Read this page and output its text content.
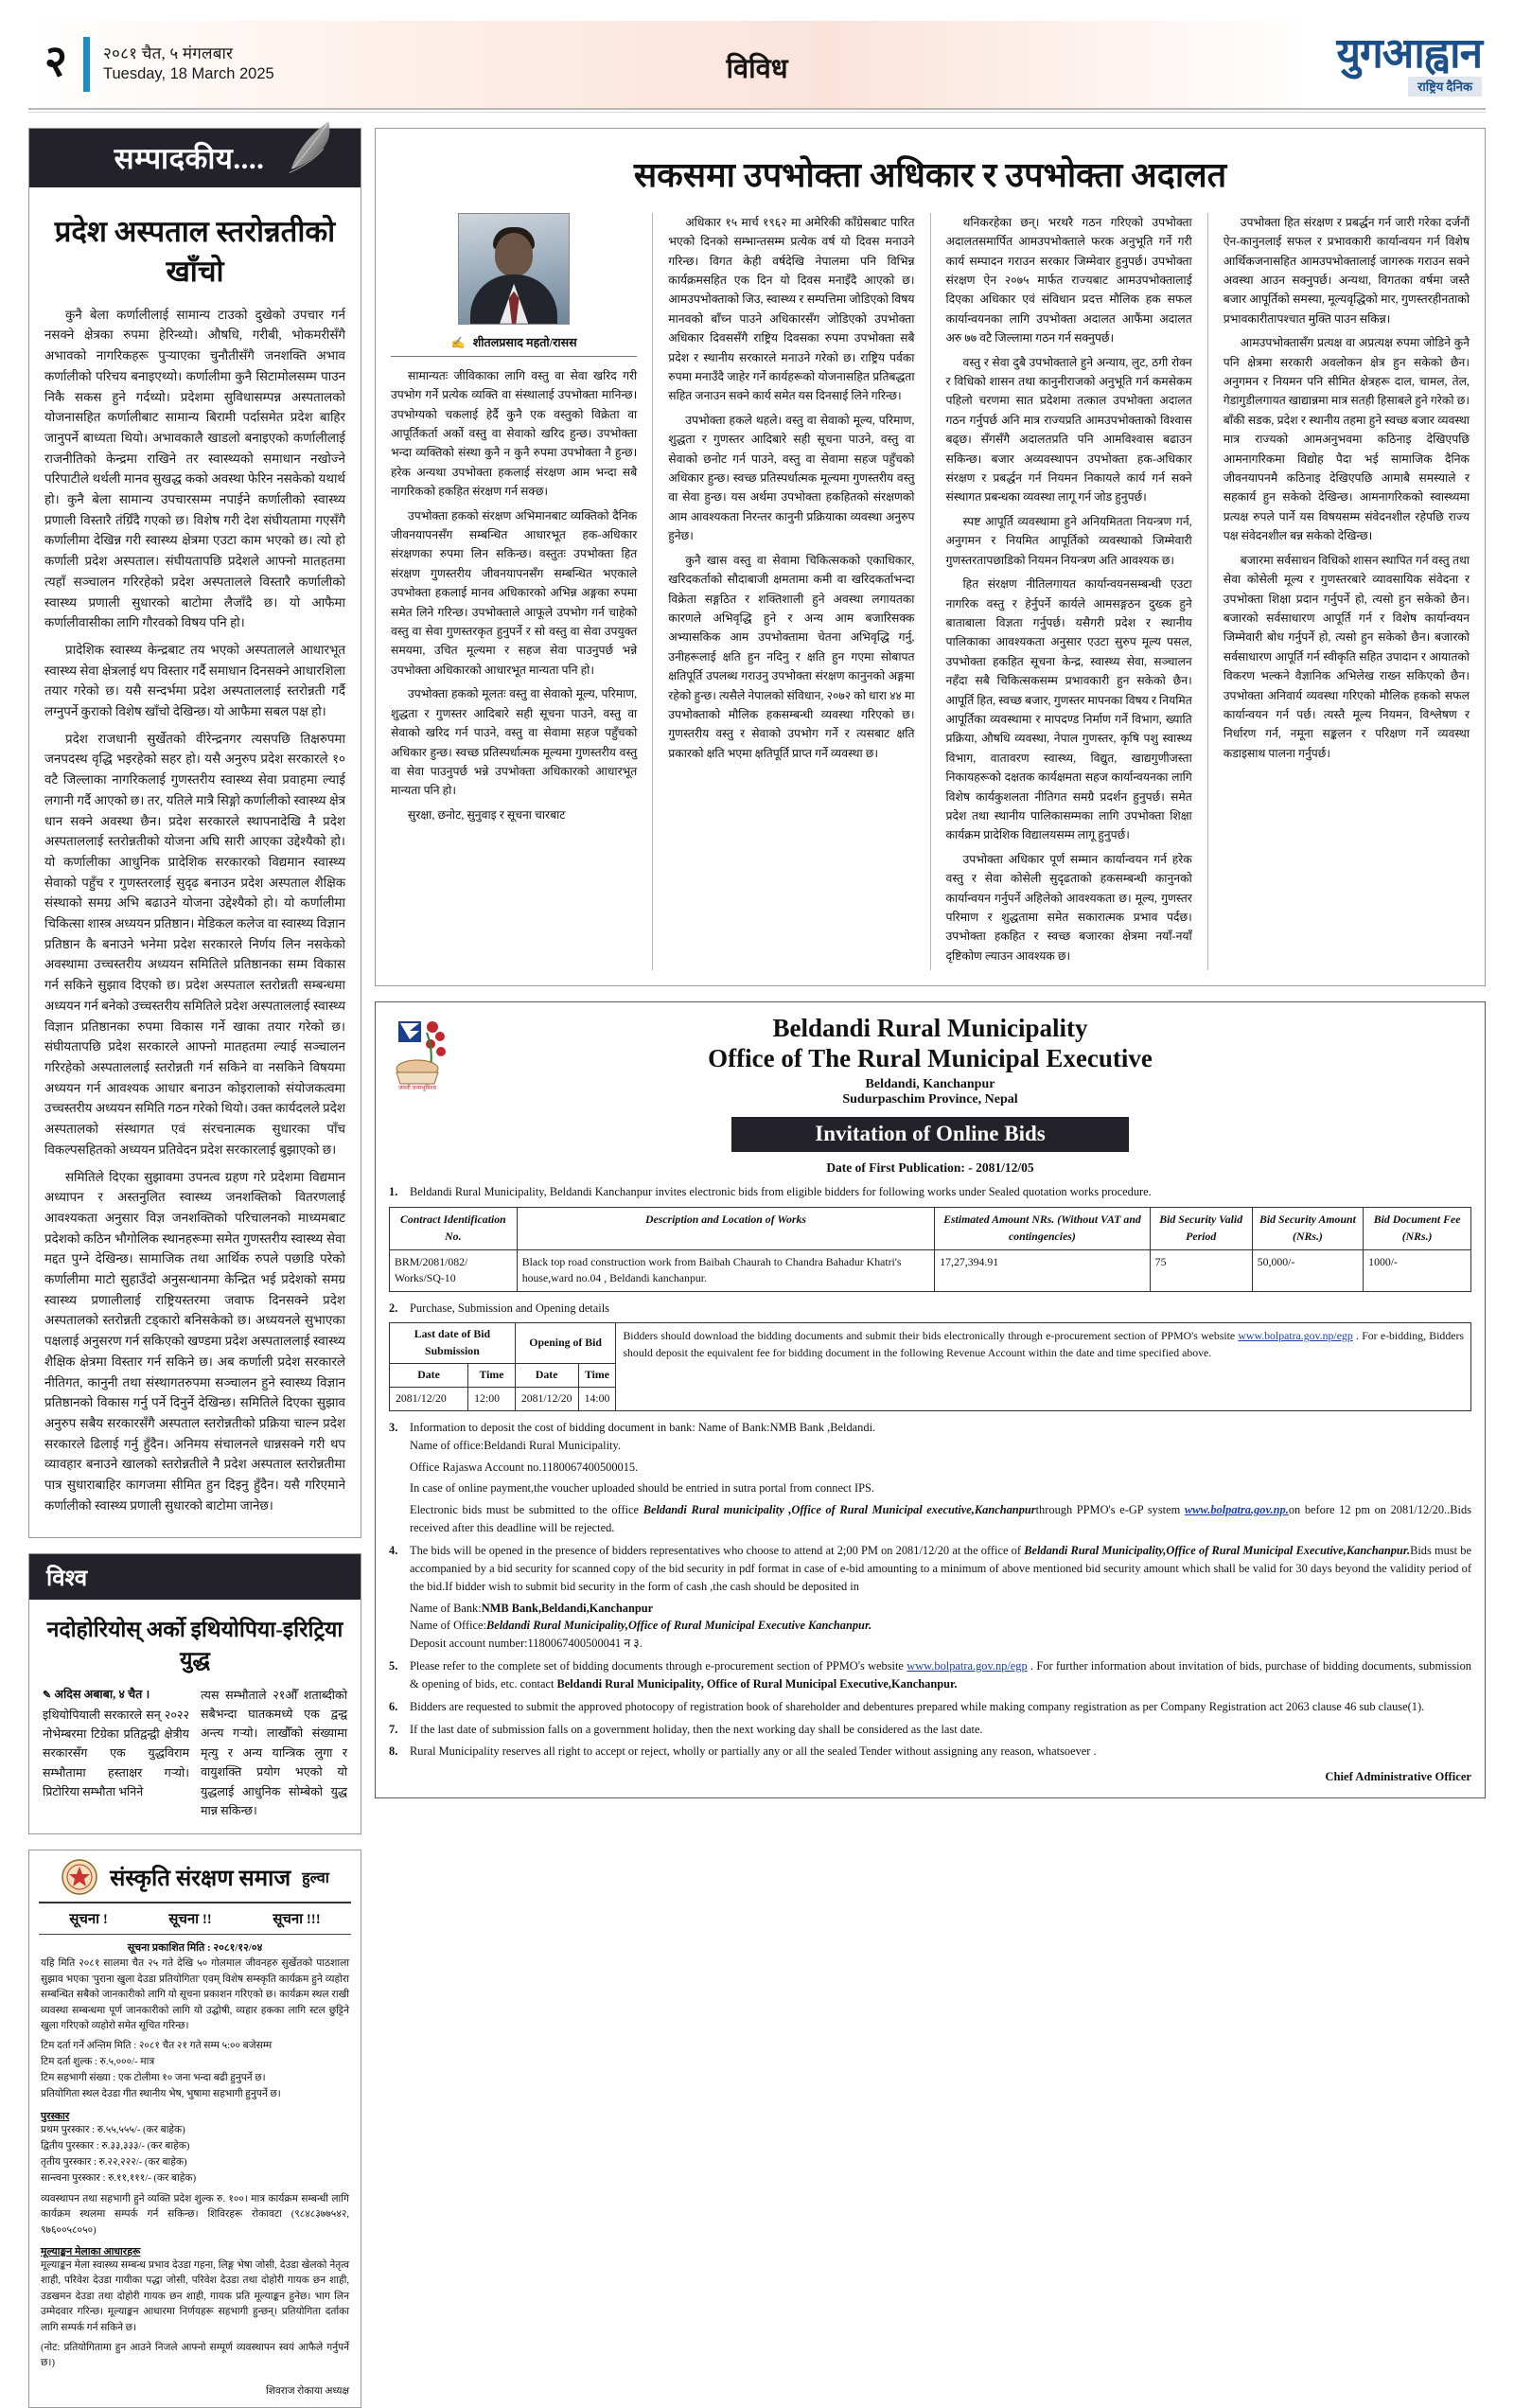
२	२०८१ चैत, ५ मंगलबार
Tuesday, 18 March 2025	विविध	युगआह्वान
राष्ट्रिय दैनिक
सम्पादकीय....
प्रदेश अस्पताल स्तरोन्नतीको खाँचो

कुनै बेला कर्णालीलाई सामान्य टाउको दुखेको उपचार गर्न नसक्ने क्षेत्रका रुपमा हेरिन्थ्यो। औषधि, गरीबी, भोकमरीसँगै अभावको नागरिकहरू पुर्‍याएका चुनौतीसँगै जनशक्ति अभाव कर्णालीको परिचय बनाइएथ्यो। कर्णालीमा कुनै सिटामोलसम्म पाउन निकै सकस हुने गर्दथ्यो। प्रदेशमा सुविधासम्पन्न अस्पतालको योजनासहित कर्णालीबाट सामान्य बिरामी पर्दासमेत प्रदेश बाहिर जानुपर्ने बाध्यता थियो। अभावकालै खाडलो बनाइएको कर्णालीलाई राजनीतिको केन्द्रमा राखिने तर स्वास्थ्यको समाधान नखोज्ने परिपाटीले थर्थली मानव सुखद्ध कको अवस्था फेरिन नसकेको यथार्थ हो। कुनै बेला सामान्य उपचारसम्म नपाईने कर्णालीको स्वास्थ्य प्रणाली विस्तारै तंग्रिँदै गएको छ। विशेष गरी देश संघीयतामा गएसँगै कर्णालीमा देखिन्न गरी स्वास्थ्य क्षेत्रमा एउटा काम भएको छ। त्यो हो कर्णाली प्रदेश अस्पताल। संघीयतापछि प्रदेशले आफ्नो मातहतमा त्यहाँ सञ्चालन गरिरहेको प्रदेश अस्पतालले विस्तारै कर्णालीको स्वास्थ्य प्रणाली सुधारको बाटोमा लैजाँदै छ। यो आफैमा कर्णालीवासीका लागि गौरवको विषय पनि हो।

प्रादेशिक स्वास्थ्य केन्द्रबाट तय भएको अस्पतालले आधारभूत स्वास्थ्य सेवा क्षेत्रलाई थप विस्तार गर्दै समाधान दिनसक्ने आधारशिला तयार गरेको छ। यसै सन्दर्भमा प्रदेश अस्पताललाई स्तरोन्नती गर्दै लग्नुपर्ने कुराको विशेष खाँचो देखिन्छ। यो आफैमा सबल पक्ष हो।

प्रदेश राजधानी सुर्खेतको वीरेन्द्रनगर त्यसपछि तिक्षरुपमा जनपदस्थ वृद्धि भइरहेको सहर हो। यसै अनुरुप प्रदेश सरकारले १० वटै जिल्लाका नागरिकलाई गुणस्तरीय स्वास्थ्य सेवा प्रवाहमा ल्याई लगानी गर्दै आएको छ। तर, यतिले मात्रै सिङ्गो कर्णालीको स्वास्थ्य क्षेत्र धान सक्ने अवस्था छैन। प्रदेश सरकारले स्थापनादेखि नै प्रदेश अस्पताललाई स्तरोन्नतीको योजना अघि सारी आएका उद्देश्यैको हो। यो कर्णालीका आधुनिक प्रादेशिक सरकारको विद्यमान स्वास्थ्य सेवाको पहुँच र गुणस्तरलाई सुदृढ बनाउन प्रदेश अस्पताल शैक्षिक संस्थाको समग्र अभि बढाउने योजना उद्देश्यैको हो। यो कर्णालीमा चिकित्सा शास्त्र अध्ययन प्रतिष्ठान। मेडिकल कलेज वा स्वास्थ्य विज्ञान प्रतिष्ठान कै बनाउने भनेमा प्रदेश सरकारले निर्णय लिन नसकेको अवस्थामा उच्चस्तरीय अध्ययन समितिले प्रतिष्ठानका सम्म विकास गर्न सकिने सुझाव दिएको छ। प्रदेश अस्पताल स्तरोन्नती सम्बन्धमा अध्ययन गर्न बनेको उच्चस्तरीय समितिले प्रदेश अस्पताललाई स्वास्थ्य विज्ञान प्रतिष्ठानका रुपमा विकास गर्ने खाका तयार गरेको छ। संघीयतापछि प्रदेश सरकारले आफ्नो मातहतमा ल्याई सञ्चालन गरिरहेको अस्पताललाई स्तरोन्नती गर्न सकिने वा नसकिने विषयमा अध्ययन गर्न आवश्यक आधार बनाउन कोइरालाको संयोजकत्वमा उच्चस्तरीय अध्ययन समिति गठन गरेको थियो। उक्त कार्यदलले प्रदेश अस्पतालको संस्थागत एवं संरचनात्मक सुधारका पाँच विकल्पसहितको अध्ययन प्रतिवेदन प्रदेश सरकारलाई बुझाएको छ।

समितिले दिएका सुझावमा उपनत्व ग्रहण गरे प्रदेशमा विद्यमान अध्यापन र अस्तनुलित स्वास्थ्य जनशक्तिको वितरणलाई आवश्यकता अनुसार विज्ञ जनशक्तिको परिचालनको माध्यमबाट प्रदेशको कठिन भौगोलिक स्थानहरूमा समेत गुणस्तरीय स्वास्थ्य सेवा मद्दत पुग्ने देखिन्छ। सामाजिक तथा आर्थिक रुपले पछाडि परेको कर्णालीमा माटो सुहाउँदो अनुसन्धानमा केन्द्रित भई प्रदेशको समग्र स्वास्थ्य प्रणालीलाई राष्ट्रियस्तरमा जवाफ दिनसक्ने प्रदेश अस्पतालको स्तरोन्नती टड्कारो बनिसकेको छ। अध्ययनले सुभाएका पक्षलाई अनुसरण गर्न सकिएको खण्डमा प्रदेश अस्पताललाई स्वास्थ्य शैक्षिक क्षेत्रमा विस्तार गर्न सकिने छ। अब कर्णाली प्रदेश सरकारले नीतिगत, कानुनी तथा संस्थागतरुपमा सञ्चालन हुने स्वास्थ्य विज्ञान प्रतिष्ठानको विकास गर्नु पर्ने दिनुर्ने देखिन्छ। समितिले दिएका सुझाव अनुरुप सबैय सरकारसँगै अस्पताल स्तरोन्नतीको प्रक्रिया चाल्न प्रदेश सरकारले ढिलाई गर्नु हुँदैन। अनिमय संचालनले धान्नसक्ने गरी थप व्यावहार बनाउने खालको स्तरोन्नतीले नै प्रदेश अस्पताल स्तरोन्नतीमा पात्र सुधाराबाहिर कागजमा सीमित हुन दिइनु हुँदैन। यसै गरिएमाने कर्णालीको स्वास्थ्य प्रणाली सुधारको बाटोमा जानेछ।

विश्व
नदोहोरियोस् अर्को इथियोपिया-इरिट्रिया युद्ध
✎ अदिस अबाबा, ४ चैत ।

इथियोपियाली सरकारले सन् २०२२ नोभेम्बरमा टिग्रेका प्रतिद्वन्द्वी क्षेत्रीय सरकारसँग एक युद्धविराम सम्भौतामा हस्ताक्षर गऱ्यो। प्रिटोरिया सम्भौता भनिने

त्यस सम्भौताले २१औँ शताब्दीको सबैभन्दा घातकमध्ये एक द्वन्द्व अन्त्य गऱ्यो। लाखौँको संख्यामा मृत्यु र अन्य यान्त्रिक लुगा र वायुशक्ति प्रयोग भएको यो युद्धलाई आधुनिक सोम्बेको युद्ध मान्न सकिन्छ।

संस्कृति संरक्षण समाज हुल्वा
सूचना !	सूचना !!	सूचना !!!
सूचना प्रकाशित मिति : २०८१/१२/०४

यहि मिति २०८१ सालमा चैत २५ गते देखि ५० गोलमाल जीवनहरु सुर्खेतको पाठशाला सुझाव भएका 'पुराना खुला देउडा प्रतियोगिता' एवम् विशेष सम्स्कृति कार्यक्रम हुने व्यहोरा सम्बन्धित सबैको जानकारीको लागि यो सूचना प्रकाशन गरिएको छ। कार्यक्रम स्थल राखी व्यवस्था सम्बन्धमा पूर्ण जानकारीको लागि यो उद्घोषी, व्यहार हकका लागि स्टल छुट्टिने खुला गरिएको व्यहोरो समेत सूचित गरिन्छ।

टिम दर्ता गर्ने अन्तिम मिति : २०८१ चैत २१ गते सम्म ५:०० बजेसम्म
टिम दर्ता शुल्क : रु.५,०००/- मात्र
टिम सहभागी संख्या : एक टोलीमा १० जना भन्दा बढी हुनुपर्ने छ।
प्रतियोगिता स्थल देउडा गीत स्थानीय भेष, भुषामा सहभागी हुनुपर्ने छ।
पुरस्कार
प्रथम पुरस्कार : रु.५५,५५५/- (कर बाहेक)
द्वितीय पुरस्कार : रु.३३,३३३/- (कर बाहेक)
तृतीय पुरस्कार : रु.२२,२२२/- (कर बाहेक)
सान्त्वना पुरस्कार : रु.११,१११/- (कर बाहेक)

व्यवस्थापन तथा सहभागी हुने व्यक्ति प्रदेश शुल्क रु. १००। मात्र कार्यक्रम सम्बन्धी लागि कार्यक्रम स्थलमा सम्पर्क गर्न सकिन्छ। शिविरहरू रोकावटा (९८४८३७७५४२, ९७६००५८०५०)

मूल्याङ्कन मेलाका आधारहरू

मूल्याङ्कन मेला स्वास्थ्य सम्बन्ध प्रभाव देउडा गहना, लिङ्ग भेषा जोसी, देउडा खेलको नेतृत्व शाही, परिवेश देउडा गायीका पद्धा जोसी, परिवेश देउडा तथा दोहोरी गायक छन शाही, उडखमन देउडा तथा दोहोरी गायक छन शाही, गायक प्रति मूल्याङ्कन हुनेछ। भाग लिन उम्मेदवार गरिन्छ। मूल्याङ्कन आधारमा निर्णयहरू सहभागी हुन्छन्। प्रतियोगिता दर्ताका लागि सम्पर्क गर्न सकिने छ।

(नोट: प्रतियोगितामा हुन आउने निजले आफ्नो सम्पूर्ण व्यवस्थापन स्वयं आफैले गर्नुपर्ने छ।)

शिवराज रोकाया अध्यक्ष
सकसमा उपभोक्ता अधिकार र उपभोक्ता अदालत
✍ शीतलप्रसाद महतो/रासस

सामान्यतः जीविकाका लागि वस्तु वा सेवा खरिद गरी उपभोग गर्ने प्रत्येक व्यक्ति वा संस्थालाई उपभोक्ता मानिन्छ। उपभोग्यको चकलाई हेर्दै कुनै एक वस्तुको विक्रेता वा आपूर्तिकर्ता अर्को वस्तु वा सेवाको खरिद हुन्छ। उपभोक्ता भन्दा व्यक्तिको संस्था कुनै न कुनै रुपमा उपभोक्ता नै हुन्छ। हरेक अन्यथा उपभोक्ता हकलाई संरक्षण आम भन्दा सबै नागरिकको हकहित संरक्षण गर्न सक्छ।

उपभोक्ता हकको संरक्षण अभिमानबाट व्यक्तिको दैनिक जीवनयापनसँग सम्बन्धित आधारभूत हक-अधिकार संरक्षणका रुपमा लिन सकिन्छ। वस्तुतः उपभोक्ता हित संरक्षण गुणस्तरीय जीवनयापनसँग सम्बन्धित भएकाले उपभोक्ता हकलाई मानव अधिकारको अभिन्न अङ्गका रुपमा समेत लिने गरिन्छ। उपभोक्ताले आफूले उपभोग गर्न चाहेको वस्तु वा सेवा गुणस्तरकृत हुनुपर्ने र सो वस्तु वा सेवा उपयुक्त समयमा, उचित मूल्यमा र सहज सेवा पाउनुपर्छ भन्ने उपभोक्ता अधिकारको आधारभूत मान्यता पनि हो।

उपभोक्ता हकको मूलतः वस्तु वा सेवाको मूल्य, परिमाण, शुद्धता र गुणस्तर आदिबारे सही सूचना पाउने, वस्तु वा सेवाको खरिद गर्न पाउने, वस्तु वा सेवामा सहज पहुँचको अधिकार हुन्छ। स्वच्छ प्रतिस्पर्धात्मक मूल्यमा गुणस्तरीय वस्तु वा सेवा पाउनुपर्छ भन्ने उपभोक्ता अधिकारको आधारभूत मान्यता पनि हो।

सुरक्षा, छनोट, सुनुवाइ र सूचना चारबाट

अधिकार १५ मार्च १९६२ मा अमेरिकी काँग्रेसबाट पारित भएको दिनको सम्भान्तसम्म प्रत्येक वर्ष यो दिवस मनाउने गरिन्छ। विगत केही वर्षदेखि नेपालमा पनि विभिन्न कार्यक्रमसहित एक दिन यो दिवस मनाइँदै आएको छ। आमउपभोक्ताको जिउ, स्वास्थ्य र सम्पत्तिमा जोडिएको विषय मानवको बाँच्न पाउने अधिकारसँग जोडिएको उपभोक्ता अधिकार दिवससँगै राष्ट्रिय दिवसका रुपमा उपभोक्ता सबै प्रदेश र स्थानीय सरकारले मनाउने गरेको छ। राष्ट्रिय पर्वका रुपमा मनाउँदै जाहेर गर्ने कार्यहरूको योजनासहित प्रतिबद्धता सहित जनाउन सक्ने कार्य समेत यस दिनसाई लिने गरिन्छ।

उपभोक्ता हकले थहले। वस्तु वा सेवाको मूल्य, परिमाण, शुद्धता र गुणस्तर आदिबारे सही सूचना पाउने, वस्तु वा सेवाको छनोट गर्न पाउने, वस्तु वा सेवामा सहज पहुँचको अधिकार हुन्छ। स्वच्छ प्रतिस्पर्धात्मक मूल्यमा गुणस्तरीय वस्तु वा सेवा हुन्छ। यस अर्थमा उपभोक्ता हकहितको संरक्षणको आम आवश्यकता निरन्तर कानुनी प्रक्रियाका व्यवस्था अनुरुप हुनेछ।

कुनै खास वस्तु वा सेवामा चिकित्सकको एकाधिकार, खरिदकर्ताको सौदाबाजी क्षमतामा कमी वा खरिदकर्ताभन्दा विक्रेता सङ्गठित र शक्तिशाली हुने अवस्था लगायतका कारणले अभिवृद्धि हुने र अन्य आम बजारिसक्क अभ्यासकिक आम उपभोक्तामा चेतना अभिवृद्धि गर्नु, उनीहरूलाई क्षति हुन नदिनु र क्षति हुन गएमा सोबापत क्षतिपूर्ति उपलब्ध गराउनु उपभोक्ता संरक्षण कानुनको अङ्गमा रहेको हुन्छ। त्यसैले नेपालको संविधान, २०७२ को धारा ४४ मा उपभोक्ताको मौलिक हकसम्बन्धी व्यवस्था गरिएको छ। गुणस्तरीय वस्तु र सेवाको उपभोग गर्ने र त्यसबाट क्षति प्रकारको क्षति भएमा क्षतिपूर्ति प्राप्त गर्ने व्यवस्था छ।

थनिकरहेका छन्। भरथरै गठन गरिएको उपभोक्ता अदालतसमार्पित आमउपभोक्ताले फरक अनुभूति गर्ने गरी कार्य सम्पादन गराउन सरकार जिम्मेवार हुनुपर्छ। उपभोक्ता संरक्षण ऐन २०७५ मार्फत राज्यबाट आमउपभोक्तालाई दिएका अधिकार एवं संविधान प्रदत्त मौलिक हक सफल कार्यान्वयनका लागि उपभोक्ता अदालत आफैंमा अदालत अरु ७७ वटै जिल्लामा गठन गर्न सक्नुपर्छ।

वस्तु र सेवा दुबै उपभोक्ताले हुने अन्याय, लुट, ठगी रोक्न र विधिको शासन तथा कानुनीराजको अनुभूति गर्न कमसेकम पहिलो चरणमा सात प्रदेशमा तत्काल उपभोक्ता अदालत गठन गर्नुपर्छ अनि मात्र राज्यप्रति आमउपभोक्ताको विश्वास बढ्छ। सँगसँगै अदालतप्रति पनि आमविश्वास बढाउन सकिन्छ। बजार अव्यवस्थापन उपभोक्ता हक-अधिकार संरक्षण र प्रबर्द्धन गर्न नियमन निकायले कार्य गर्न सक्ने संस्थागत प्रबन्धका व्यवस्था लागू गर्न जोड हुनुपर्छ।

स्पष्ट आपूर्ति व्यवस्थामा हुने अनियमितता नियन्त्रण गर्न, अनुगमन र नियमित आपूर्तिको व्यवस्थाको जिम्मेवारी गुणस्तरतापछाडिको नियमन नियन्त्रण अति आवश्यक छ।

हित संरक्षण नीतिलगायत कार्यान्वयनसम्बन्धी एउटा नागरिक वस्तु र हेर्नुपर्ने कार्यले आमसङ्गठन दुख्क हुने बाताबाला विज्ञता गर्नुपर्छ। यसैगरी प्रदेश र स्थानीय पालिकाका आवश्यकता अनुसार एउटा सुरुप मूल्य पसल, उपभोक्ता हकहित सूचना केन्द्र, स्वास्थ्य सेवा, सञ्चालन नहँदा सबै चिकित्सकसम्म प्रभावकारी हुन सकेको छैन। आपूर्ति हित, स्वच्छ बजार, गुणस्तर मापनका विषय र नियमित आपूर्तिका व्यवस्थामा र मापदण्ड निर्माण गर्ने विभाग, ख्याति प्रक्रिया, औषधि व्यवस्था, नेपाल गुणस्तर, कृषि पशु स्वास्थ्य विभाग, वातावरण स्वास्थ्य, विद्युत, खाद्यगुणीजस्ता निकायहरूको दक्षतक कार्यक्षमता सहज कार्यान्वयनका लागि विशेष कार्यकुशलता नीतिगत समग्रै प्रदर्शन हुनुपर्छ। समेत प्रदेश तथा स्थानीय पालिकासम्मका लागि उपभोक्ता शिक्षा कार्यक्रम प्रादेशिक विद्यालयसम्म लागू हुनुपर्छ।

उपभोक्ता अधिकार पूर्ण सम्मान कार्यान्वयन गर्न हरेक वस्तु र सेवा कोसेली सुदृढताको हकसम्बन्धी कानुनको कार्यान्वयन गर्नुपर्ने अहिलेको आवश्यकता छ। मूल्य, गुणस्तर परिमाण र शुद्धतामा समेत सकारात्मक प्रभाव पर्दछ। उपभोक्ता हकहित र स्वच्छ बजारका क्षेत्रमा नयाँ-नयाँ दृष्टिकोण ल्याउन आवश्यक छ।

उपभोक्ता हित संरक्षण र प्रबर्द्धन गर्न जारी गरेका दर्जनौं ऐन-कानुनलाई सफल र प्रभावकारी कार्यान्वयन गर्न विशेष आर्थिकजनासहित आमउपभोक्तालाई जागरुक गराउन सक्ने अवस्था आउन सक्नुपर्छ। अन्यथा, विगतका वर्षमा जस्तै बजार आपूर्तिको समस्या, मूल्यवृद्धिको मार, गुणस्तरहीनताको प्रभावकारीतापश्चात मुक्ति पाउन सकिन्न।

आमउपभोक्तासँग प्रत्यक्ष वा अप्रत्यक्ष रुपमा जोडिने कुनै पनि क्षेत्रमा सरकारी अवलोकन क्षेत्र हुन सकेको छैन। अनुगमन र नियमन पनि सीमित क्षेत्रहरू दाल, चामल, तेल, गेडागुडीलगायत खाद्यान्नमा मात्र सतही हिसाबले हुने गरेको छ। बाँकी सडक, प्रदेश र स्थानीय तहमा हुने स्वच्छ बजार व्यवस्था मात्र राज्यको आमअनुभवमा कठिनाइ देखिएपछि आमनागरिकमा विद्योह पैदा भई सामाजिक दैनिक जीवनयापनमै कठिनाइ देखिएपछि आमाबै समस्याले र सहकार्य हुन सकेको देखिन्छ। आमनागरिकको स्वास्थ्यमा प्रत्यक्ष रुपले पार्ने यस विषयसम्म संवेदनशील रहेपछि राज्य पक्ष संवेदनशील बन्न सकेको देखिन्छ।

बजारमा सर्वसाधन विधिको शासन स्थापित गर्न वस्तु तथा सेवा कोसेली मूल्य र गुणस्तरबारे व्यावसायिक संवेदना र उपभोक्ता शिक्षा प्रदान गर्नुपर्ने हो, त्यसो हुन सकेको छैन। बजारको सर्वसाधारण आपूर्ति गर्न र विशेष कार्यान्वयन जिम्मेवारी बोध गर्नुपर्ने हो, त्यसो हुन सकेको छैन। बजारको सर्वसाधारण आपूर्ति गर्न स्वीकृति सहित उपादान र आयातको विकरण भल्कने वैज्ञानिक अभिलेख राख्न सकिएको छैन। उपभोक्ता अनिवार्य व्यवस्था गरिएको मौलिक हकको सफल कार्यान्वयन गर्न पर्छ। त्यस्तै मूल्य नियमन, विश्लेषण र निर्धारण गर्न, नमूना सङ्कलन र परिक्षण गर्ने व्यवस्था कडाइसाथ पालना गर्नुपर्छ।

जननी जन्मभूमिश्च
Beldandi Rural Municipality
Office of The Rural Municipal Executive
Beldandi, Kanchanpur
Sudurpaschim Province, Nepal
Invitation of Online Bids
Date of First Publication: - 2081/12/05
1.	Beldandi Rural Municipality, Beldandi Kanchanpur invites electronic bids from eligible bidders for following works under Sealed quotation works procedure.
Contract Identification No.	Description and Location of Works	Estimated Amount NRs. (Without VAT and contingencies)	Bid Security Valid Period	Bid Security Amount (NRs.)	Bid Document Fee (NRs.)
BRM/2081/082/ Works/SQ-10	Black top road construction work from Baibah Chaurah to Chandra Bahadur Khatri's house,ward no.04 , Beldandi kanchanpur.	17,27,394.91	75	50,000/-	1000/-
2.	Purchase, Submission and Opening details
Last date of Bid Submission		Opening of Bid		Bidders should download the bidding documents and submit their bids electronically through e-procurement section of PPMO's website www.bolpatra.gov.np/egp . For e-bidding, Bidders should deposit the equivalent fee for bidding document in the following Revenue Account within the date and time specified above.
Date	Time	Date	Time	
2081/12/20	12:00	2081/12/20	14:00	
3.	Information to deposit the cost of bidding document in bank: Name of Bank:NMB Bank ,Beldandi.
Name of office:Beldandi Rural Municipality.
Office Rajaswa Account no.1180067400500015.
In case of online payment,the voucher uploaded should be entried in sutra portal from connect IPS.
Electronic bids must be submitted to the office Beldandi Rural municipality ,Office of Rural Municipal executive,Kanchanpurthrough PPMO's e-GP system www.bolpatra.gov.np.on before 12 pm on 2081/12/20..Bids received after this deadline will be rejected.
4.	The bids will be opened in the presence of bidders representatives who choose to attend at 2;00 PM on 2081/12/20 at the office of Beldandi Rural Municipality,Office of Rural Municipal Executive,Kanchanpur.Bids must be accompanied by a bid security for scanned copy of the bid security in pdf format in case of e-bid amounting to a minimum of above mentioned bid security amount which shall be valid for 30 days beyond the validity period of the bid.If bidder wish to submit bid security in the form of cash ,the cash should be deposited in
Name of Bank:NMB Bank,Beldandi,Kanchanpur
Name of Office:Beldandi Rural Municipality,Office of Rural Municipal Executive Kanchanpur.
Deposit account number:1180067400500041 न ३.
5.	Please refer to the complete set of bidding documents through e-procurement section of PPMO's website www.bolpatra.gov.np/egp . For further information about invitation of bids, purchase of bidding documents, submission & opening of bids, etc. contact Beldandi Rural Municipality, Office of Rural Municipal Executive,Kanchanpur.
6.	Bidders are requested to submit the approved photocopy of registration book of shareholder and debentures prepared while making company registration as per Company Registration act 2063 clause 46 sub clause(1).
7.	If the last date of submission falls on a government holiday, then the next working day shall be considered as the last date.
8.	Rural Municipality reserves all right to accept or reject, wholly or partially any or all the sealed Tender without assigning any reason, whatsoever .
Chief Administrative Officer
